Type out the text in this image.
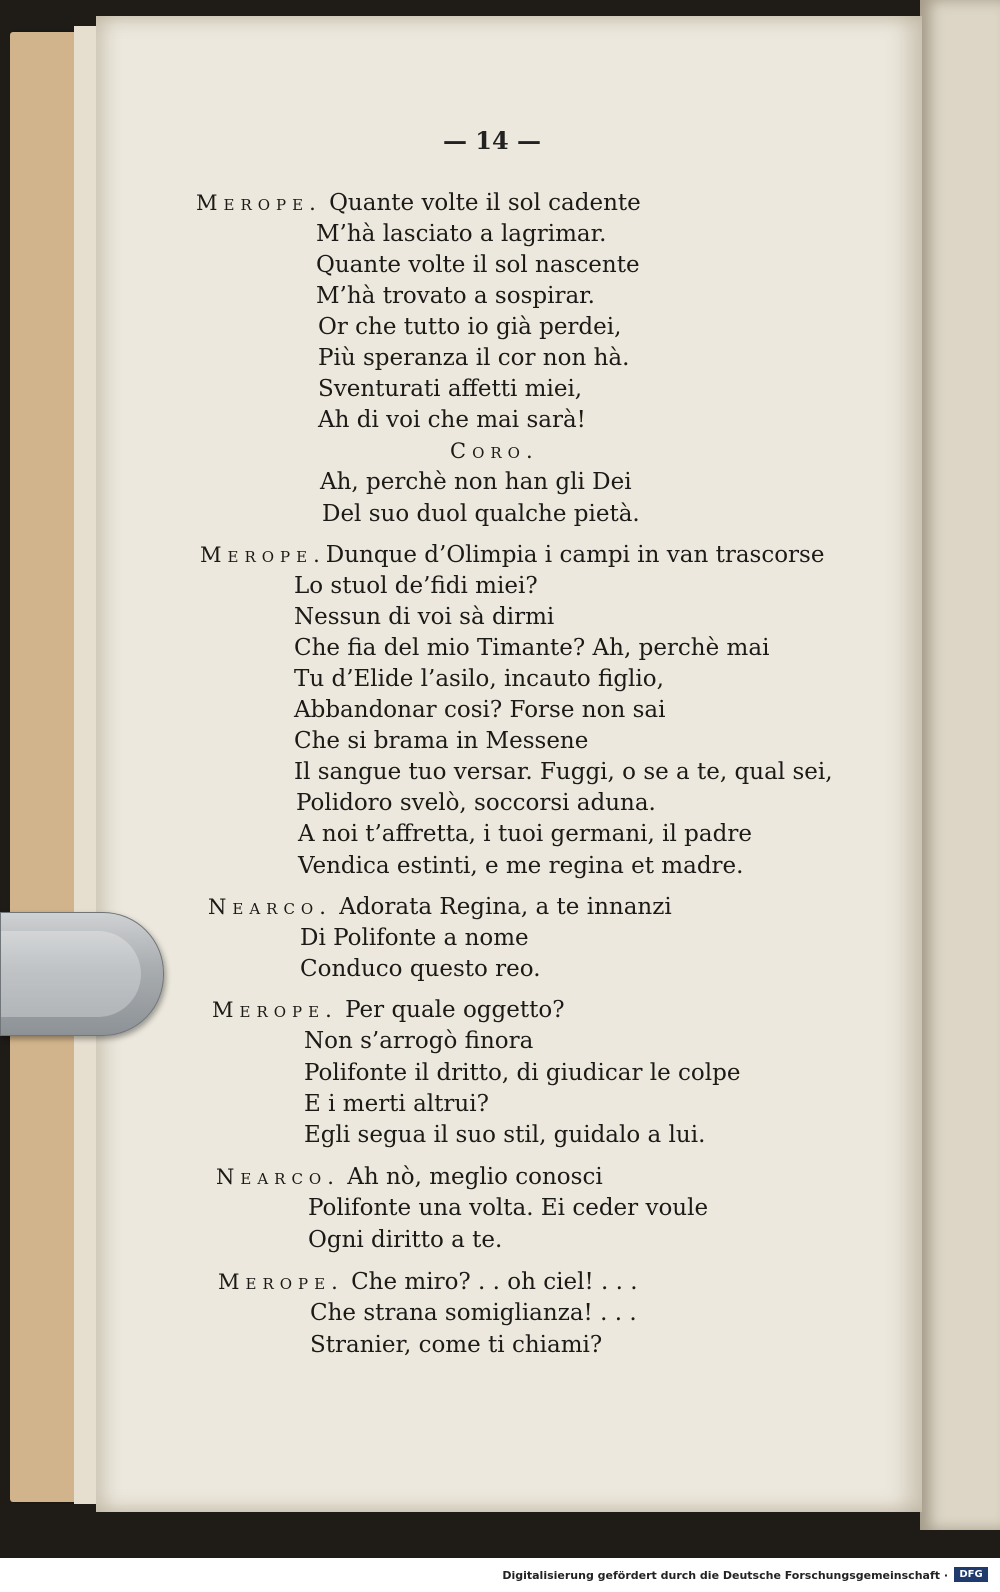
— 14 —
Merope. Quante volte il sol cadente
M’hà lasciato a lagrimar.
Quante volte il sol nascente
M’hà trovato a sospirar.
Or che tutto io già perdei,
Più speranza il cor non hà.
Sventurati affetti miei,
Ah di voi che mai sarà!
Coro.
Ah, perchè non han gli Dei
Del suo duol qualche pietà.
Merope.Dunque d’Olimpia i campi in van trascorse
Lo stuol de’fidi miei?
Nessun di voi sà dirmi
Che fia del mio Timante? Ah, perchè mai
Tu d’Elide l’asilo, incauto figlio,
Abbandonar cosi? Forse non sai
Che si brama in Messene
Il sangue tuo versar. Fuggi, o se a te, qual sei,
Polidoro svelò, soccorsi aduna.
A noi t’affretta, i tuoi germani, il padre
Vendica estinti, e me regina et madre.
Nearco. Adorata Regina, a te innanzi
Di Polifonte a nome
Conduco questo reo.
Merope. Per quale oggetto?
Non s’arrogò finora
Polifonte il dritto, di giudicar le colpe
E i merti altrui?
Egli segua il suo stil, guidalo a lui.
Nearco. Ah nò, meglio conosci
Polifonte una volta. Ei ceder voule
Ogni diritto a te.
Merope. Che miro? . . oh ciel! . . .
Che strana somiglianza! . . .
Stranier, come ti chiami?
Digitalisierung gefördert durch die Deutsche Forschungsgemeinschaft ·	DFG
